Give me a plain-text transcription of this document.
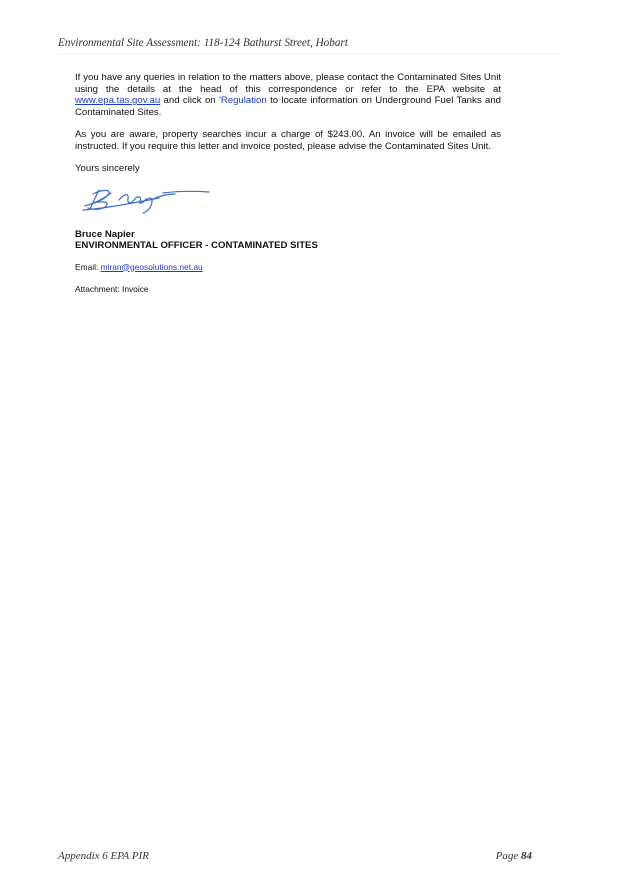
Environmental Site Assessment: 118-124 Bathurst Street, Hobart

If you have any queries in relation to the matters above, please contact the Contaminated Sites Unit using the details at the head of this correspondence or refer to the EPA website at www.epa.tas.gov.au and click on 'Regulation to locate information on Underground Fuel Tanks and Contaminated Sites.

As you are aware, property searches incur a charge of $243.00. An invoice will be emailed as instructed. If you require this letter and invoice posted, please advise the Contaminated Sites Unit.

Yours sincerely

Bruce Napier
ENVIRONMENTAL OFFICER - CONTAMINATED SITES
Email: miran@geosolutions.net.au
Attachment: Invoice
Appendix 6 EPA PIR	Page 84
